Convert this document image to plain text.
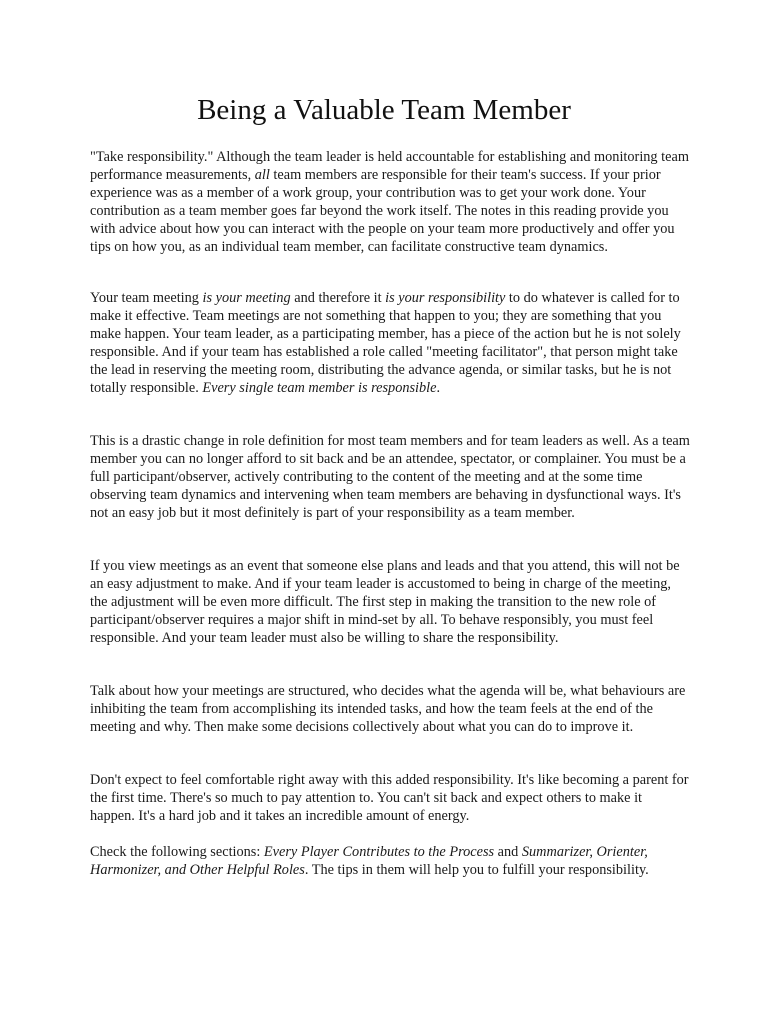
Being a Valuable Team Member

"Take responsibility." Although the team leader is held accountable for establishing and monitoring team performance measurements, all team members are responsible for their team's success. If your prior experience was as a member of a work group, your contribution was to get your work done. Your contribution as a team member goes far beyond the work itself. The notes in this reading provide you with advice about how you can interact with the people on your team more productively and offer you tips on how you, as an individual team member, can facilitate constructive team dynamics.

Your team meeting is your meeting and therefore it is your responsibility to do whatever is called for to make it effective. Team meetings are not something that happen to you; they are something that you make happen. Your team leader, as a participating member, has a piece of the action but he is not solely responsible. And if your team has established a role called "meeting facilitator", that person might take the lead in reserving the meeting room, distributing the advance agenda, or similar tasks, but he is not totally responsible. Every single team member is responsible.

This is a drastic change in role definition for most team members and for team leaders as well. As a team member you can no longer afford to sit back and be an attendee, spectator, or complainer. You must be a full participant/observer, actively contributing to the content of the meeting and at the some time observing team dynamics and intervening when team members are behaving in dysfunctional ways. It's not an easy job but it most definitely is part of your responsibility as a team member.

If you view meetings as an event that someone else plans and leads and that you attend, this will not be an easy adjustment to make. And if your team leader is accustomed to being in charge of the meeting, the adjustment will be even more difficult. The first step in making the transition to the new role of participant/observer requires a major shift in mind-set by all. To behave responsibly, you must feel responsible. And your team leader must also be willing to share the responsibility.

Talk about how your meetings are structured, who decides what the agenda will be, what behaviours are inhibiting the team from accomplishing its intended tasks, and how the team feels at the end of the meeting and why. Then make some decisions collectively about what you can do to improve it.

Don't expect to feel comfortable right away with this added responsibility. It's like becoming a parent for the first time. There's so much to pay attention to. You can't sit back and expect others to make it happen. It's a hard job and it takes an incredible amount of energy.

Check the following sections: Every Player Contributes to the Process and Summarizer, Orienter, Harmonizer, and Other Helpful Roles. The tips in them will help you to fulfill your responsibility.
